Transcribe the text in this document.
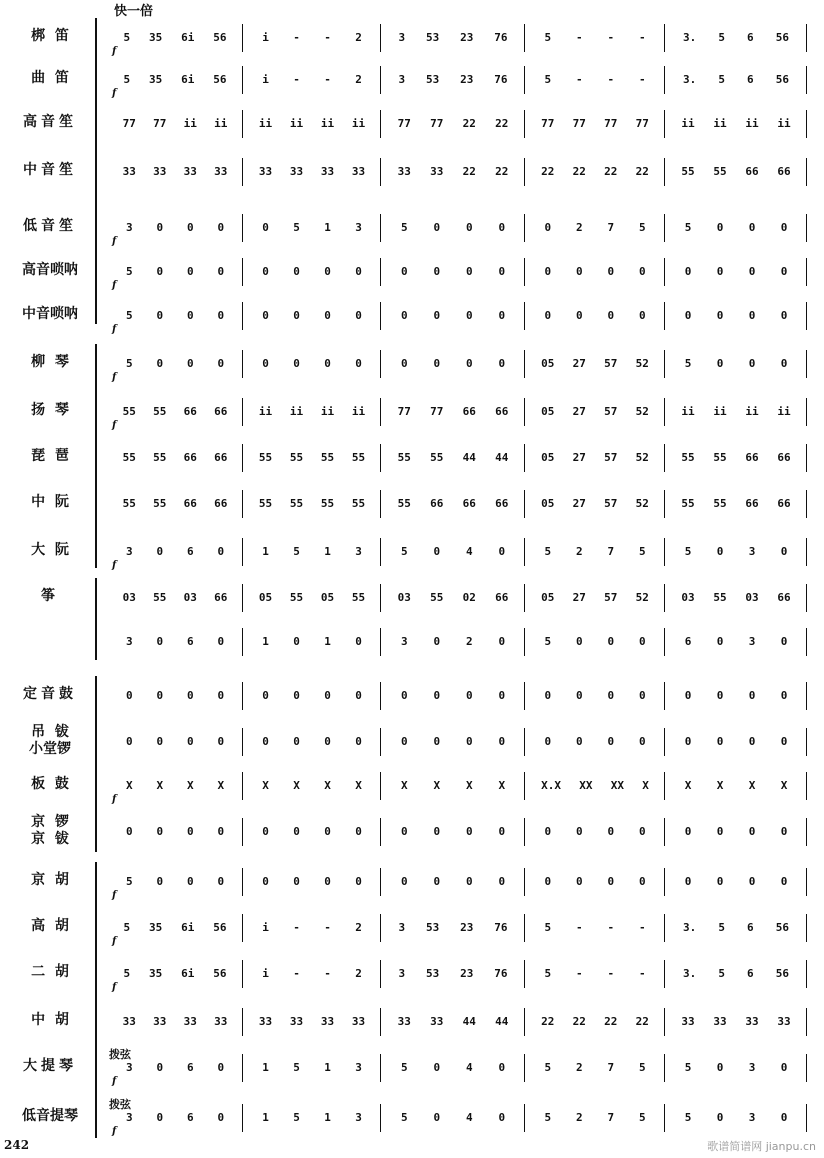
快一倍
梆  笛	5 35 6i 56	i - - 2	3 53 23 76	5 - - -	3. 5 6 56
f
曲  笛	5 35 6i 56	i - - 2	3 53 23 76	5 - - -	3. 5 6 56
f
高音笙	77 77 ii ii	ii ii ii ii	77 77 22 22	77 77 77 77	ii ii ii ii
中音笙	33 33 33 33	33 33 33 33	33 33 22 22	22 22 22 22	55 55 66 66
低音笙	3 0 0 0	0 5 1 3	5 0 0 0	0 2 7 5	5 0 0 0
f
高音唢呐	5 0 0 0	0 0 0 0	0 0 0 0	0 0 0 0	0 0 0 0
f
中音唢呐	5 0 0 0	0 0 0 0	0 0 0 0	0 0 0 0	0 0 0 0
f
柳  琴	5 0 0 0	0 0 0 0	0 0 0 0	05 27 57 52	5 0 0 0
f
扬  琴	55 55 66 66	ii ii ii ii	77 77 66 66	05 27 57 52	ii ii ii ii
f
琵  琶	55 55 66 66	55 55 55 55	55 55 44 44	05 27 57 52	55 55 66 66
中  阮	55 55 66 66	55 55 55 55	55 66 66 66	05 27 57 52	55 55 66 66
大  阮	3 0 6 0	1 5 1 3	5 0 4 0	5 2 7 5	5 0 3 0
f
筝	03 55 03 66	05 55 05 55	03 55 02 66	05 27 57 52	03 55 03 66
3 0 6 0	1 0 1 0	3 0 2 0	5 0 0 0	6 0 3 0
定音鼓	0 0 0 0	0 0 0 0	0 0 0 0	0 0 0 0	0 0 0 0
吊  钹
小堂锣	0 0 0 0	0 0 0 0	0 0 0 0	0 0 0 0	0 0 0 0
板  鼓	X X X X	X X X X	X X X X	X.X XX XX X	X X X X
f
京  锣
京  钹	0 0 0 0	0 0 0 0	0 0 0 0	0 0 0 0	0 0 0 0
京  胡	5 0 0 0	0 0 0 0	0 0 0 0	0 0 0 0	0 0 0 0
f
高  胡	5 35 6i 56	i - - 2	3 53 23 76	5 - - -	3. 5 6 56
f
二  胡	5 35 6i 56	i - - 2	3 53 23 76	5 - - -	3. 5 6 56
f
中  胡	33 33 33 33	33 33 33 33	33 33 44 44	22 22 22 22	33 33 33 33
大提琴
拨弦
3 0 6 0	1 5 1 3	5 0 4 0	5 2 7 5	5 0 3 0
f
低音提琴
拨弦
3 0 6 0	1 5 1 3	5 0 4 0	5 2 7 5	5 0 3 0
f
242	歌谱简谱网 jianpu.cn
